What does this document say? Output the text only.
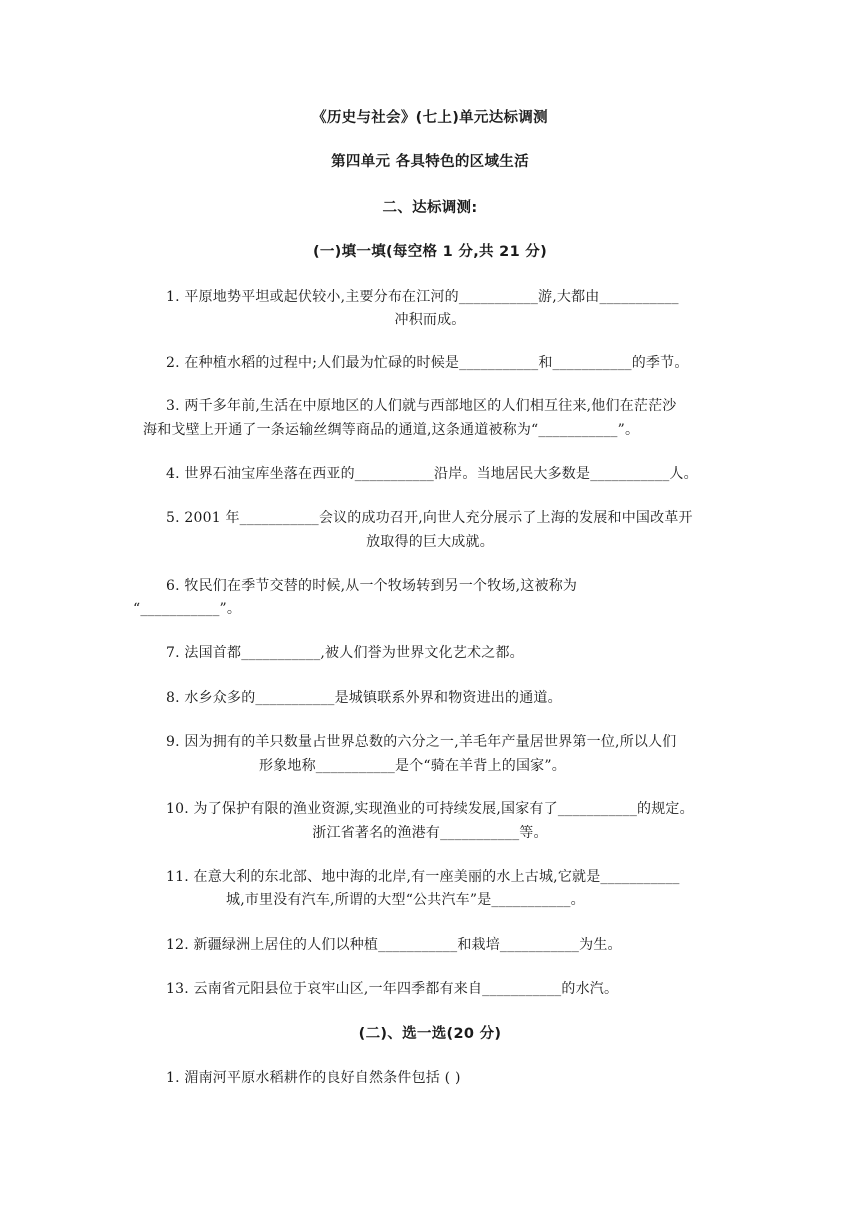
《历史与社会》(七上)单元达标调测
第四单元 各具特色的区域生活
二、达标调测:
(一)填一填(每空格 1 分,共 21 分)
1. 平原地势平坦或起伏较小,主要分布在江河的___________游,大都由___________
冲积而成。
2. 在种植水稻的过程中;人们最为忙碌的时候是___________和___________的季节。
3. 两千多年前,生活在中原地区的人们就与西部地区的人们相互往来,他们在茫茫沙
海和戈壁上开通了一条运输丝绸等商品的通道,这条通道被称为“___________”。
4. 世界石油宝库坐落在西亚的___________沿岸。当地居民大多数是___________人。
5. 2001 年___________会议的成功召开,向世人充分展示了上海的发展和中国改革开
放取得的巨大成就。
6. 牧民们在季节交替的时候,从一个牧场转到另一个牧场,这被称为
“___________”。
7. 法国首都___________,被人们誉为世界文化艺术之都。
8. 水乡众多的___________是城镇联系外界和物资进出的通道。
9. 因为拥有的羊只数量占世界总数的六分之一,羊毛年产量居世界第一位,所以人们
形象地称___________是个“骑在羊背上的国家”。
10. 为了保护有限的渔业资源,实现渔业的可持续发展,国家有了___________的规定。
浙江省著名的渔港有___________等。
11. 在意大利的东北部、地中海的北岸,有一座美丽的水上古城,它就是___________
城,市里没有汽车,所谓的大型“公共汽车”是___________。
12. 新疆绿洲上居住的人们以种植___________和栽培___________为生。
13. 云南省元阳县位于哀牢山区,一年四季都有来自___________的水汽。
(二)、选一选(20 分)
1. 湄南河平原水稻耕作的良好自然条件包括 ( )
